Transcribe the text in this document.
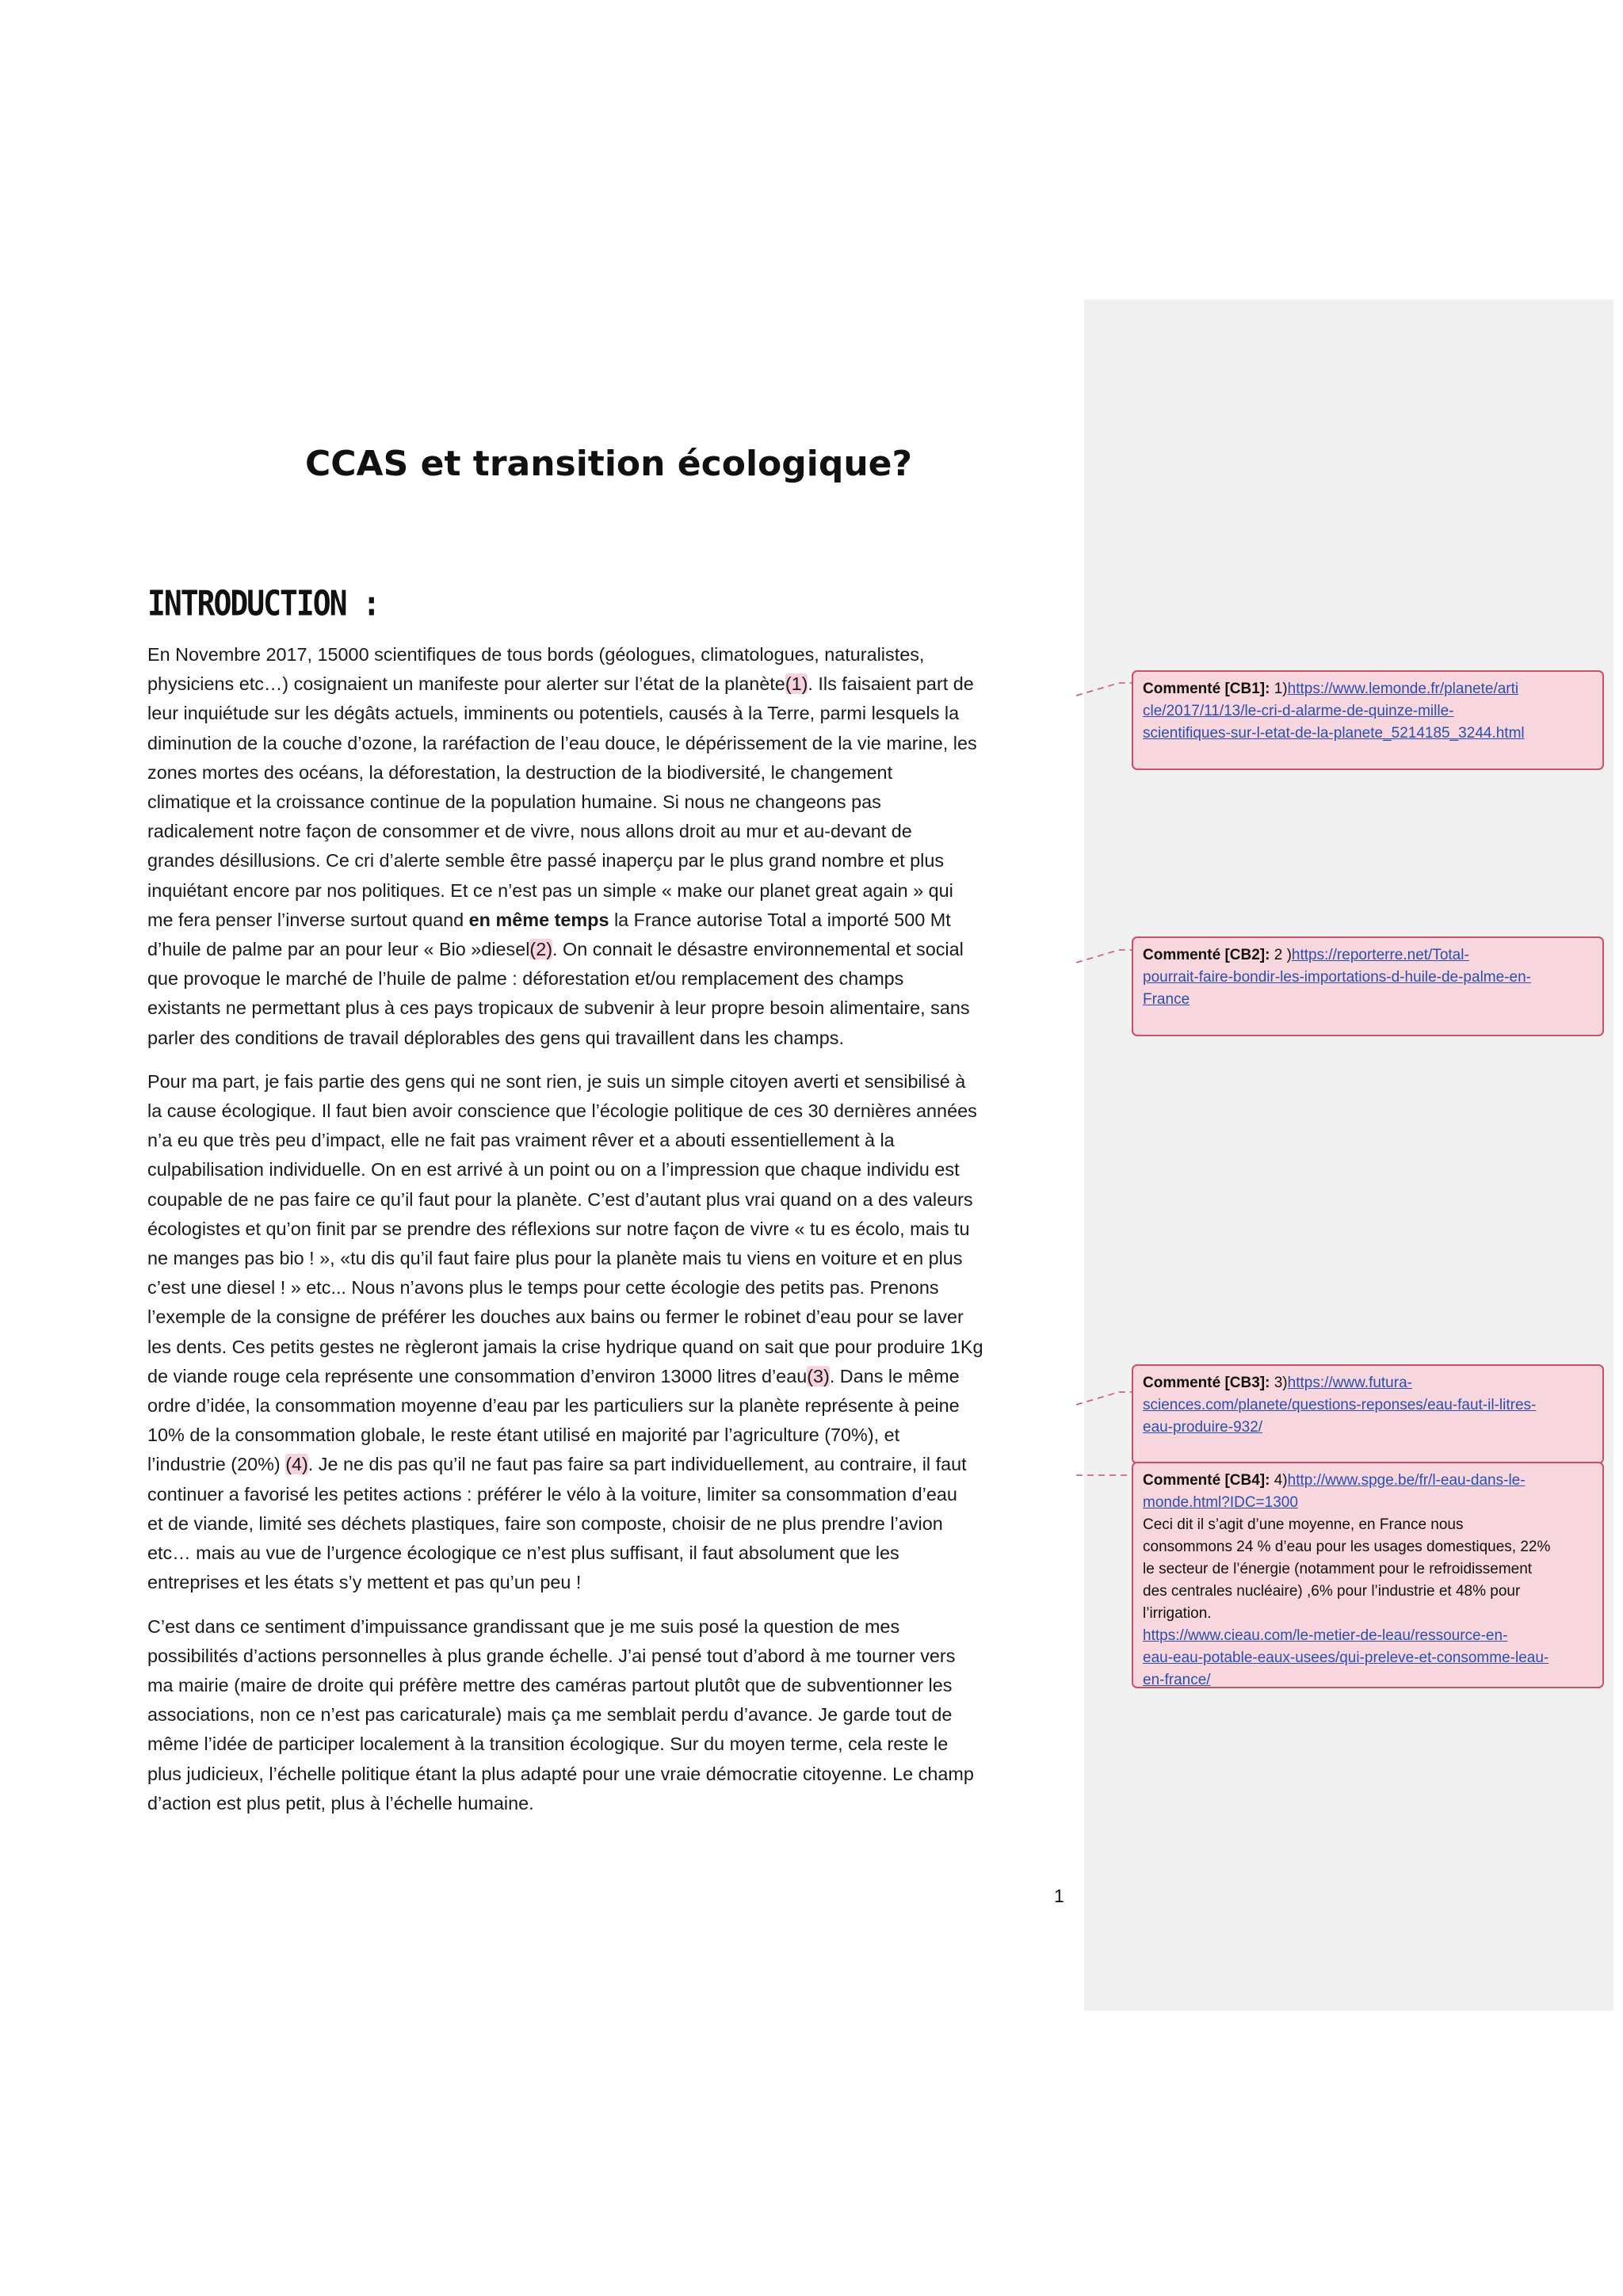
CCAS et transition écologique?
INTRODUCTION :
En Novembre 2017, 15000 scientifiques de tous bords (géologues, climatologues, naturalistes,
physiciens etc…) cosignaient un manifeste pour alerter sur l’état de la planète(1). Ils faisaient part de
leur inquiétude sur les dégâts actuels, imminents ou potentiels, causés à la Terre, parmi lesquels la
diminution de la couche d’ozone, la raréfaction de l’eau douce, le dépérissement de la vie marine, les
zones mortes des océans, la déforestation, la destruction de la biodiversité, le changement
climatique et la croissance continue de la population humaine. Si nous ne changeons pas
radicalement notre façon de consommer et de vivre, nous allons droit au mur et au-devant de
grandes désillusions. Ce cri d’alerte semble être passé inaperçu par le plus grand nombre et plus
inquiétant encore par nos politiques. Et ce n’est pas un simple « make our planet great again » qui
me fera penser l’inverse surtout quand en même temps la France autorise Total a importé 500 Mt
d’huile de palme par an pour leur « Bio »diesel(2). On connait le désastre environnemental et social
que provoque le marché de l’huile de palme : déforestation et/ou remplacement des champs
existants ne permettant plus à ces pays tropicaux de subvenir à leur propre besoin alimentaire, sans
parler des conditions de travail déplorables des gens qui travaillent dans les champs.
Pour ma part, je fais partie des gens qui ne sont rien, je suis un simple citoyen averti et sensibilisé à
la cause écologique. Il faut bien avoir conscience que l’écologie politique de ces 30 dernières années
n’a eu que très peu d’impact, elle ne fait pas vraiment rêver et a abouti essentiellement à la
culpabilisation individuelle. On en est arrivé à un point ou on a l’impression que chaque individu est
coupable de ne pas faire ce qu’il faut pour la planète. C’est d’autant plus vrai quand on a des valeurs
écologistes et qu’on finit par se prendre des réflexions sur notre façon de vivre « tu es écolo, mais tu
ne manges pas bio ! », «tu dis qu’il faut faire plus pour la planète mais tu viens en voiture et en plus
c’est une diesel ! » etc... Nous n’avons plus le temps pour cette écologie des petits pas. Prenons
l’exemple de la consigne de préférer les douches aux bains ou fermer le robinet d’eau pour se laver
les dents. Ces petits gestes ne règleront jamais la crise hydrique quand on sait que pour produire 1Kg
de viande rouge cela représente une consommation d’environ 13000 litres d’eau(3). Dans le même
ordre d’idée, la consommation moyenne d’eau par les particuliers sur la planète représente à peine
10% de la consommation globale, le reste étant utilisé en majorité par l’agriculture (70%), et
l’industrie (20%) (4). Je ne dis pas qu’il ne faut pas faire sa part individuellement, au contraire, il faut
continuer a favorisé les petites actions : préférer le vélo à la voiture, limiter sa consommation d’eau
et de viande, limité ses déchets plastiques, faire son composte, choisir de ne plus prendre l’avion
etc… mais au vue de l’urgence écologique ce n’est plus suffisant, il faut absolument que les
entreprises et les états s’y mettent et pas qu’un peu !
C’est dans ce sentiment d’impuissance grandissant que je me suis posé la question de mes
possibilités d’actions personnelles à plus grande échelle. J’ai pensé tout d’abord à me tourner vers
ma mairie (maire de droite qui préfère mettre des caméras partout plutôt que de subventionner les
associations, non ce n’est pas caricaturale) mais ça me semblait perdu d’avance. Je garde tout de
même l’idée de participer localement à la transition écologique. Sur du moyen terme, cela reste le
plus judicieux, l’échelle politique étant la plus adapté pour une vraie démocratie citoyenne. Le champ
d’action est plus petit, plus à l’échelle humaine.
1
Commenté [CB1]: 1)https://www.lemonde.fr/planete/arti
cle/2017/11/13/le-cri-d-alarme-de-quinze-mille-
scientifiques-sur-l-etat-de-la-planete_5214185_3244.html
Commenté [CB2]: 2 )https://reporterre.net/Total-
pourrait-faire-bondir-les-importations-d-huile-de-palme-en-
France
Commenté [CB3]: 3)https://www.futura-
sciences.com/planete/questions-reponses/eau-faut-il-litres-
eau-produire-932/
Commenté [CB4]: 4)http://www.spge.be/fr/l-eau-dans-le-
monde.html?IDC=1300
Ceci dit il s’agit d’une moyenne, en France nous
consommons 24 % d’eau pour les usages domestiques, 22%
le secteur de l’énergie (notamment pour le refroidissement
des centrales nucléaire) ,6% pour l’industrie et 48% pour
l’irrigation.
https://www.cieau.com/le-metier-de-leau/ressource-en-
eau-eau-potable-eaux-usees/qui-preleve-et-consomme-leau-
en-france/
